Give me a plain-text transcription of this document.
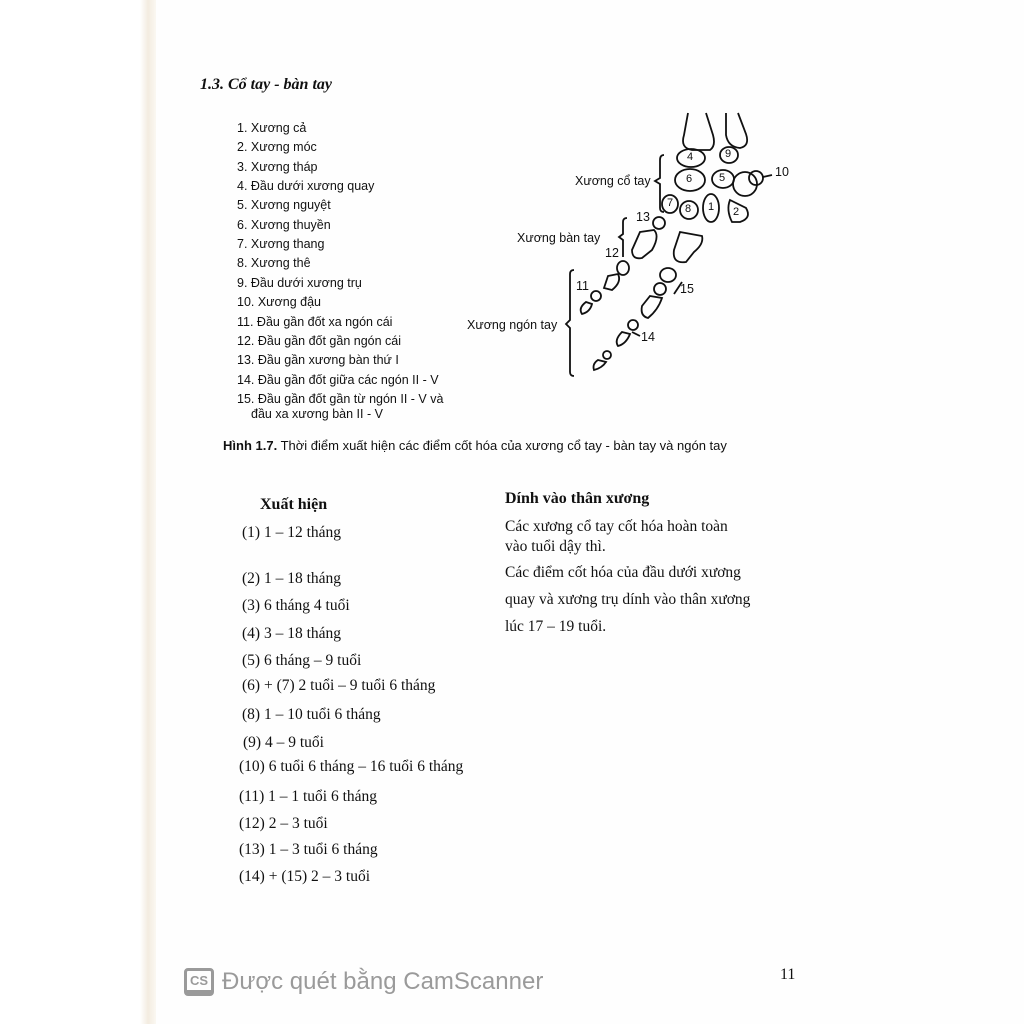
1.3. Cổ tay - bàn tay
1. Xương cả
2. Xương móc
3. Xương tháp
4. Đầu dưới xương quay
5. Xương nguyệt
6. Xương thuyền
7. Xương thang
8. Xương thê
9. Đầu dưới xương trụ
10. Xương đậu
11. Đầu gần đốt xa ngón cái
12. Đầu gần đốt gần ngón cái
13. Đầu gần xương bàn thứ I
14. Đầu gần đốt giữa các ngón II - V
15. Đầu gần đốt gần từ ngón II - V và
đầu xa xương bàn II - V
Xương cổ tay
Xương bàn tay
Xương ngón tay
1 2
4
5
6
7 8
9
10
11
12
13
14
15
Hình 1.7. Thời điểm xuất hiện các điểm cốt hóa của xương cổ tay - bàn tay và ngón tay
Xuất hiện
(1) 1 – 12 tháng
(2) 1 – 18 tháng
(3) 6 tháng 4 tuổi
(4) 3 – 18 tháng
(5) 6 tháng – 9 tuổi
(6) + (7) 2 tuổi – 9 tuổi 6 tháng
(8) 1 – 10 tuổi 6 tháng
(9) 4 – 9 tuổi
(10) 6 tuổi 6 tháng – 16 tuổi 6 tháng
(11) 1 – 1 tuổi 6 tháng
(12) 2 – 3 tuổi
(13) 1 – 3 tuổi 6 tháng
(14) + (15) 2 – 3 tuổi
Dính vào thân xương
Các xương cổ tay cốt hóa hoàn toàn
vào tuổi dậy thì.
Các điểm cốt hóa của đầu dưới xương
quay và xương trụ dính vào thân xương
lúc 17 – 19 tuổi.
CS Được quét bằng CamScanner	11
